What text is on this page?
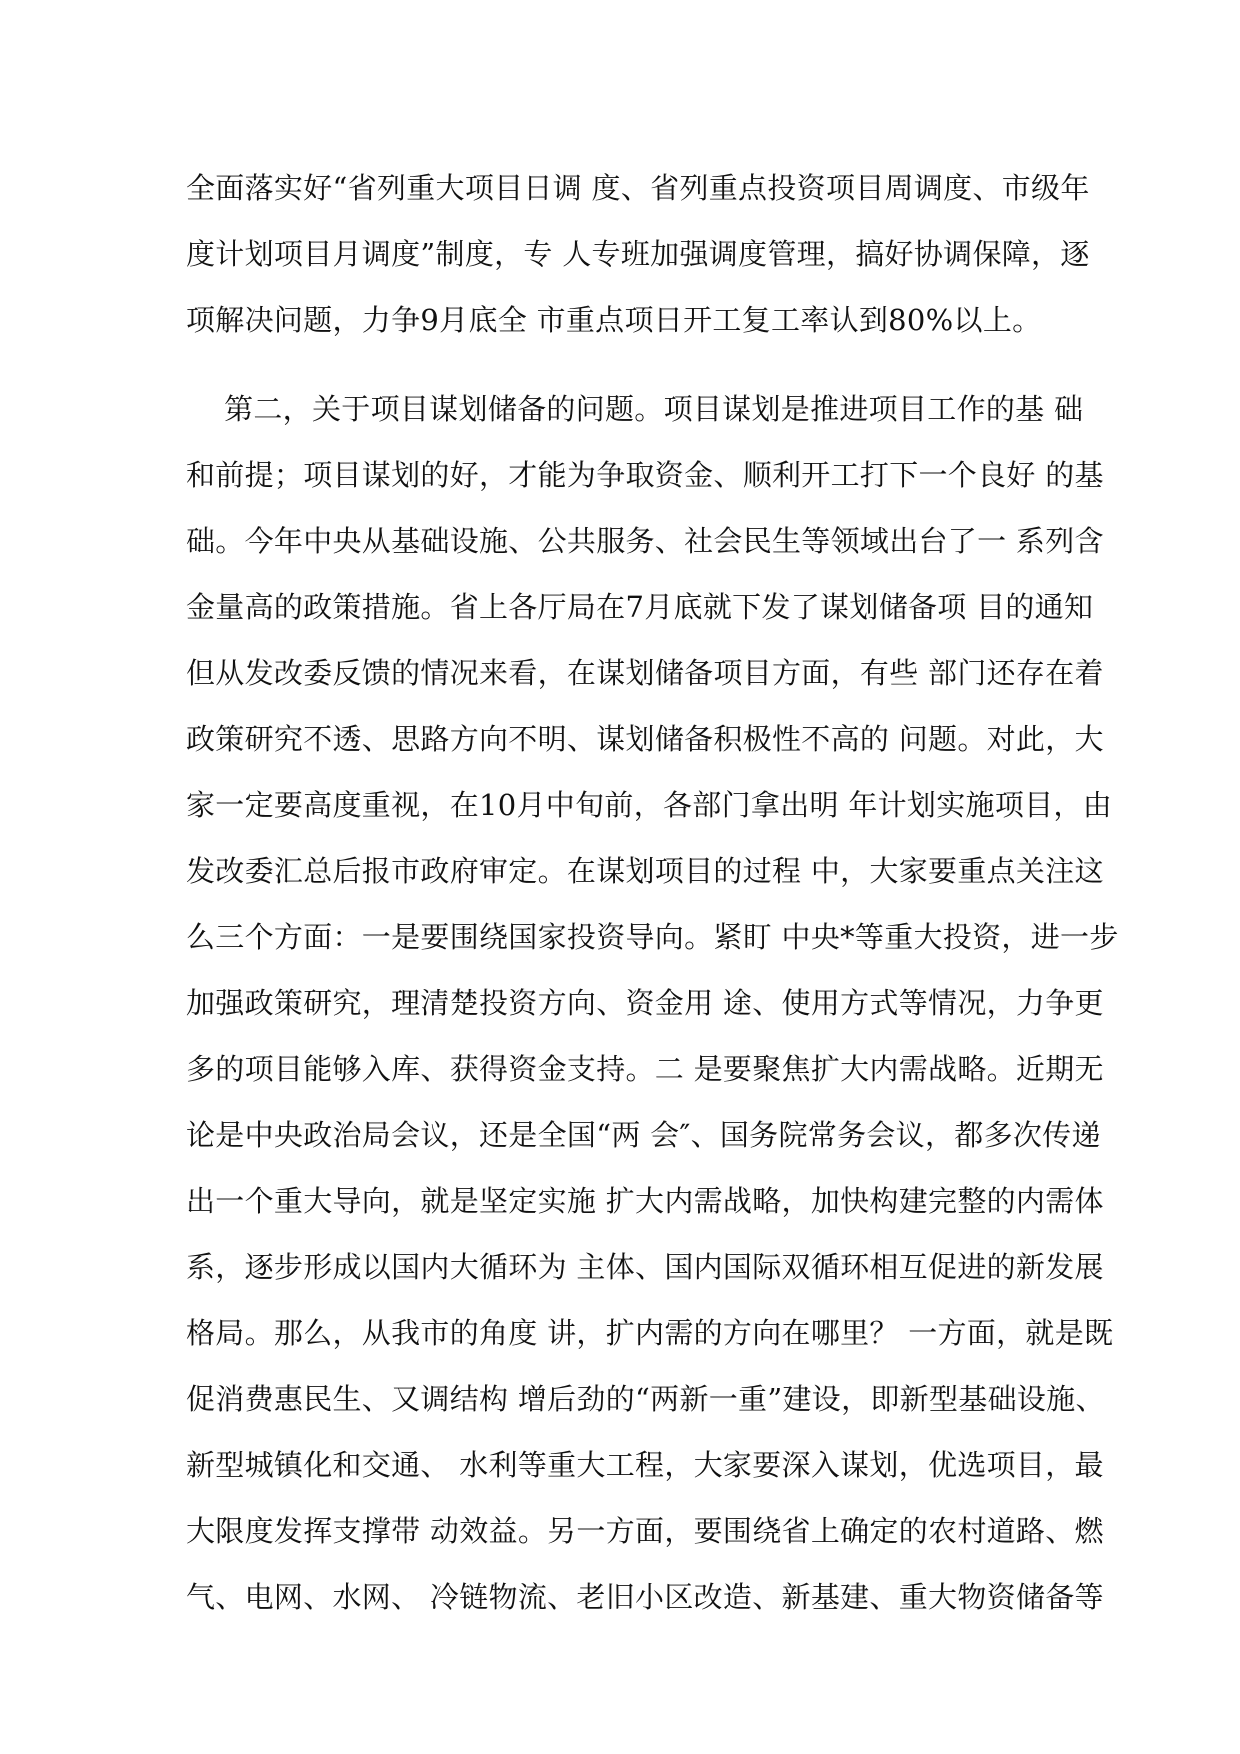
全面落实好“省列重大项目日调 度、省列重点投资项目周调度、市级年
度计划项目月调度”制度，专 人专班加强调度管理，搞好协调保障，逐
项解决问题，力争9月底全 市重点项日开工复工率认到80%以上。
第二，关于项目谋划储备的问题。项目谋划是推进项目工作的基 础
和前提；项目谋划的好，才能为争取资金、顺利开工打下一个良好 的基
础。今年中央从基础设施、公共服务、社会民生等领域出台了一 系列含
金量高的政策措施。省上各厅局在7月底就下发了谋划储备项 目的通知
但从发改委反馈的情况来看，在谋划储备项目方面，有些 部门还存在着
政策研究不透、思路方向不明、谋划储备积极性不高的 问题。对此，大
家一定要高度重视，在10月中旬前，各部门拿出明 年计划实施项目，由
发改委汇总后报市政府审定。在谋划项目的过程 中，大家要重点关注这
么三个方面：一是要围绕国家投资导向。紧盯 中央*等重大投资，进一步
加强政策研究，理清楚投资方向、资金用 途、使用方式等情况，力争更
多的项目能够入库、获得资金支持。二 是要聚焦扩大内需战略。近期无
论是中央政治局会议，还是全国“两 会″、国务院常务会议，都多次传递
出一个重大导向，就是坚定实施 扩大内需战略，加快构建完整的内需体
系，逐步形成以国内大循环为 主体、国内国际双循环相互促进的新发展
格局。那么，从我市的角度 讲，扩内需的方向在哪里？ 一方面，就是既
促消费惠民生、又调结构 增后劲的“两新一重”建设，即新型基础设施、
新型城镇化和交通、 水利等重大工程，大家要深入谋划，优选项目，最
大限度发挥支撑带 动效益。另一方面，要围绕省上确定的农村道路、燃
气、电网、水网、 冷链物流、老旧小区改造、新基建、重大物资储备等
